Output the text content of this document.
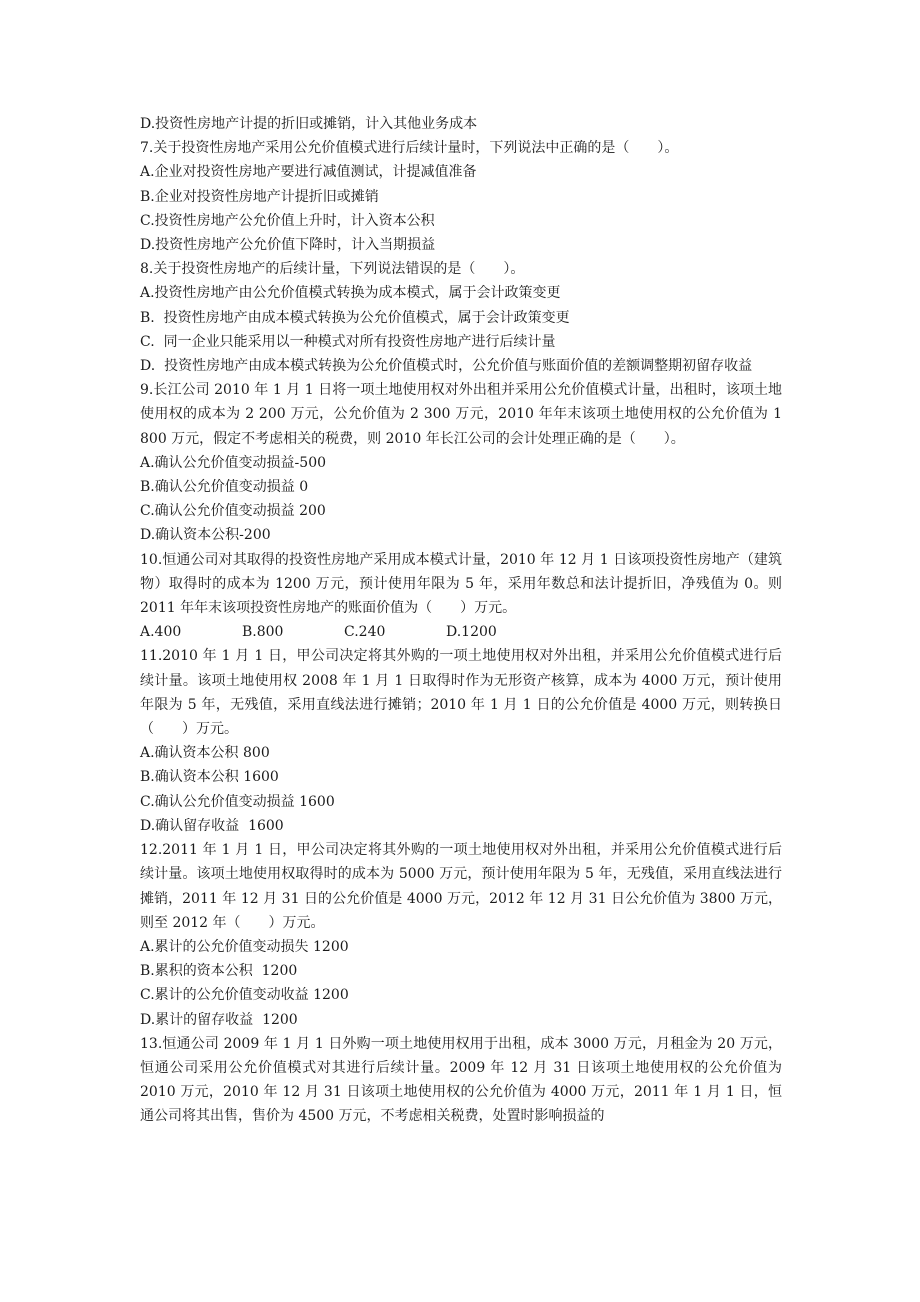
D.投资性房地产计提的折旧或摊销，计入其他业务成本
7.关于投资性房地产采用公允价值模式进行后续计量时，下列说法中正确的是（　　）。
A.企业对投资性房地产要进行减值测试，计提减值准备
B.企业对投资性房地产计提折旧或摊销
C.投资性房地产公允价值上升时，计入资本公积
D.投资性房地产公允价值下降时，计入当期损益
8.关于投资性房地产的后续计量，下列说法错误的是（　　）。
A.投资性房地产由公允价值模式转换为成本模式，属于会计政策变更
B.  投资性房地产由成本模式转换为公允价值模式，属于会计政策变更
C.  同一企业只能采用以一种模式对所有投资性房地产进行后续计量
D.  投资性房地产由成本模式转换为公允价值模式时，公允价值与账面价值的差额调整期初留存收益
9.长江公司 2010 年 1 月 1 日将一项土地使用权对外出租并采用公允价值模式计量，出租时，该项土地使用权的成本为 2 200 万元，公允价值为 2 300 万元，2010 年年末该项土地使用权的公允价值为 1 800 万元，假定不考虑相关的税费，则 2010 年长江公司的会计处理正确的是（　　）。
A.确认公允价值变动损益-500
B.确认公允价值变动损益 0
C.确认公允价值变动损益 200
D.确认资本公积-200
10.恒通公司对其取得的投资性房地产采用成本模式计量，2010 年 12 月 1 日该项投资性房地产（建筑物）取得时的成本为 1200 万元，预计使用年限为 5 年，采用年数总和法计提折旧，净残值为 0。则 2011 年年末该项投资性房地产的账面价值为（　　）万元。
A.400	B.800	C.240	D.1200
11.2010 年 1 月 1 日，甲公司决定将其外购的一项土地使用权对外出租，并采用公允价值模式进行后续计量。该项土地使用权 2008 年 1 月 1 日取得时作为无形资产核算，成本为 4000 万元，预计使用年限为 5 年，无残值，采用直线法进行摊销；2010 年 1 月 1 日的公允价值是 4000 万元，则转换日（　　）万元。
A.确认资本公积 800
B.确认资本公积 1600
C.确认公允价值变动损益 1600
D.确认留存收益  1600
12.2011 年 1 月 1 日，甲公司决定将其外购的一项土地使用权对外出租，并采用公允价值模式进行后续计量。该项土地使用权取得时的成本为 5000 万元，预计使用年限为 5 年，无残值，采用直线法进行摊销，2011 年 12 月 31 日的公允价值是 4000 万元，2012 年 12 月 31 日公允价值为 3800 万元，则至 2012 年（　　）万元。
A.累计的公允价值变动损失 1200
B.累积的资本公积  1200
C.累计的公允价值变动收益 1200
D.累计的留存收益  1200
13.恒通公司 2009 年 1 月 1 日外购一项土地使用权用于出租，成本 3000 万元，月租金为 20 万元，恒通公司采用公允价值模式对其进行后续计量。2009 年 12 月 31 日该项土地使用权的公允价值为 2010 万元，2010 年 12 月 31 日该项土地使用权的公允价值为 4000 万元，2011 年 1 月 1 日，恒通公司将其出售，售价为 4500 万元，不考虑相关税费，处置时影响损益的
